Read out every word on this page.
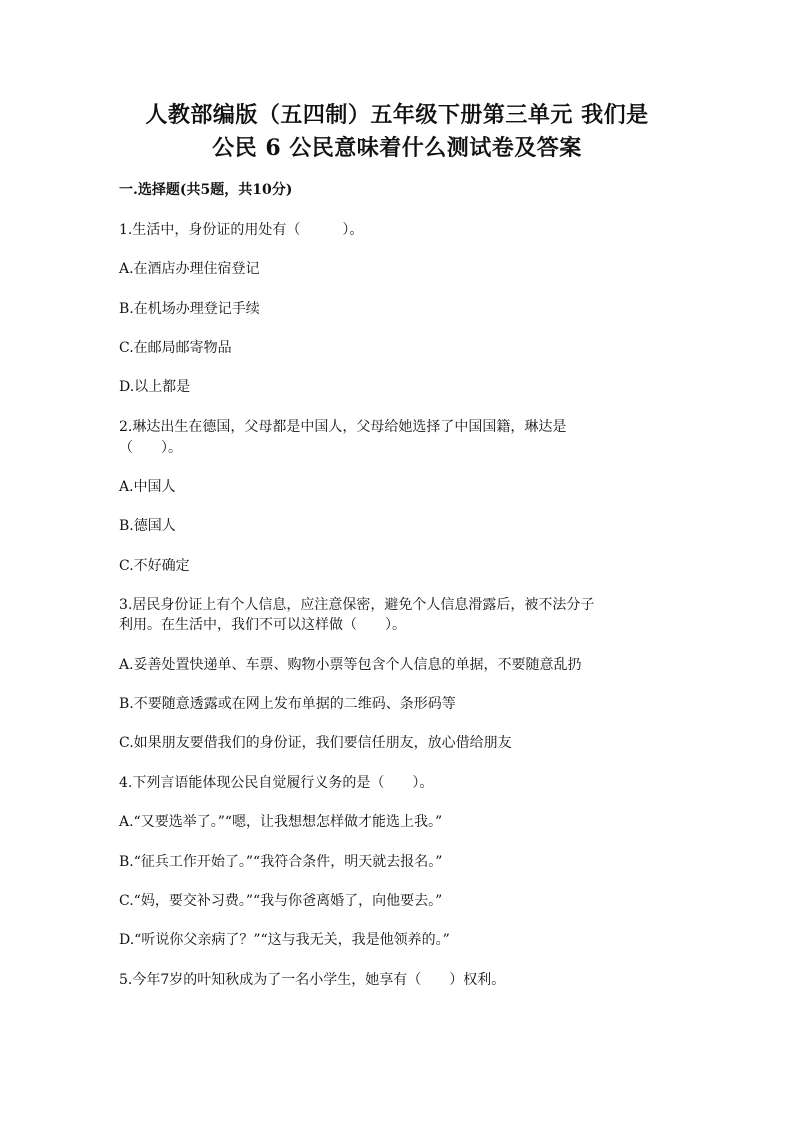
人教部编版（五四制）五年级下册第三单元 我们是
公民 6 公民意味着什么测试卷及答案
一.选择题(共5题，共10分)
1.生活中，身份证的用处有（　　　）。
A.在酒店办理住宿登记
B.在机场办理登记手续
C.在邮局邮寄物品
D.以上都是
2.琳达出生在德国，父母都是中国人，父母给她选择了中国国籍，琳达是
（　　）。
A.中国人
B.德国人
C.不好确定
3.居民身份证上有个人信息，应注意保密，避免个人信息滑露后，被不法分子
利用。在生活中，我们不可以这样做（　　）。
A.妥善处置快递单、车票、购物小票等包含个人信息的单据，不要随意乱扔
B.不要随意透露或在网上发布单据的二维码、条形码等
C.如果朋友要借我们的身份证，我们要信任朋友，放心借给朋友
4.下列言语能体现公民自觉履行义务的是（　　）。
A.“又要选举了。”“嗯，让我想想怎样做才能选上我。”
B.“征兵工作开始了。”“我符合条件，明天就去报名。”
C.“妈，要交补习费。”“我与你爸离婚了，向他要去。”
D.“听说你父亲病了？”“这与我无关，我是他领养的。”
5.今年7岁的叶知秋成为了一名小学生，她享有（　　）权利。
